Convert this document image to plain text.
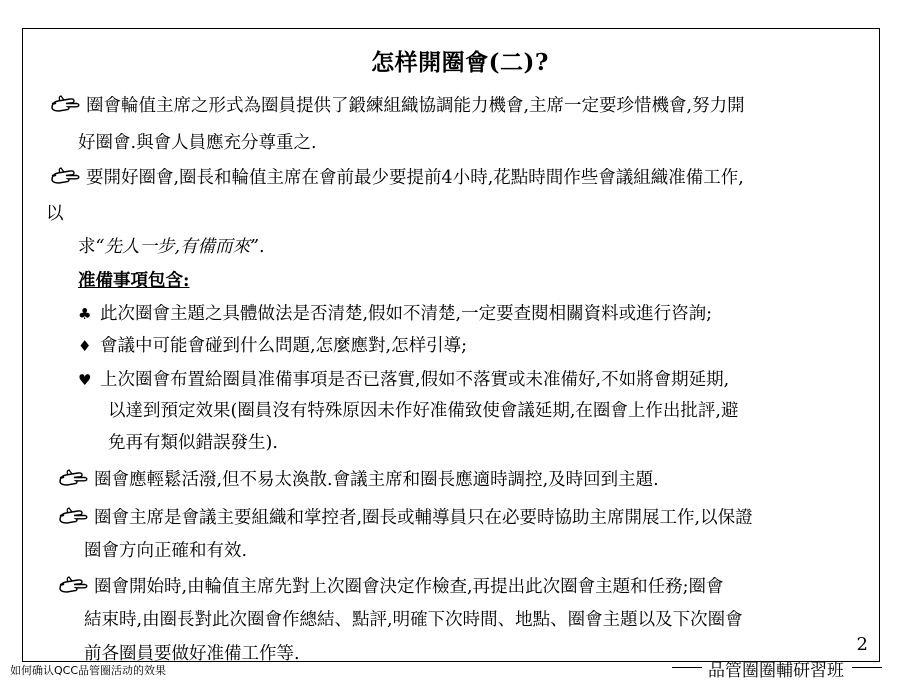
怎样開圈會(二)?
圈會輪值主席之形式為圈員提供了鍛練組織協調能力機會,主席一定要珍惜機會,努力開
好圈會.與會人員應充分尊重之.
要開好圈會,圈長和輪值主席在會前最少要提前4小時,花點時間作些會議組織准備工作,
以
求“先人一步,有備而來”.
准備事項包含:
♣ 此次圈會主題之具體做法是否清楚,假如不清楚,一定要查閱相關資料或進行咨詢;
♦ 會議中可能會碰到什么問題,怎麼應對,怎样引導;
♥ 上次圈會布置給圈員准備事項是否已落實,假如不落實或未准備好,不如將會期延期,
以達到預定效果(圈員沒有特殊原因未作好准備致使會議延期,在圈會上作出批評,避
免再有類似錯誤發生).
圈會應輕鬆活潑,但不易太渙散.會議主席和圈長應適時調控,及時回到主題.
圈會主席是會議主要組織和掌控者,圈長或輔導員只在必要時協助主席開展工作,以保證
圈會方向正確和有效.
圈會開始時,由輪值主席先對上次圈會決定作檢查,再提出此次圈會主題和任務;圈會
結束時,由圈長對此次圈會作總結、點評,明確下次時間、地點、圈會主題以及下次圈會
前各圈員要做好准備工作等.	2
如何确认QCC品管圈活动的效果	品管圈圈輔研習班
